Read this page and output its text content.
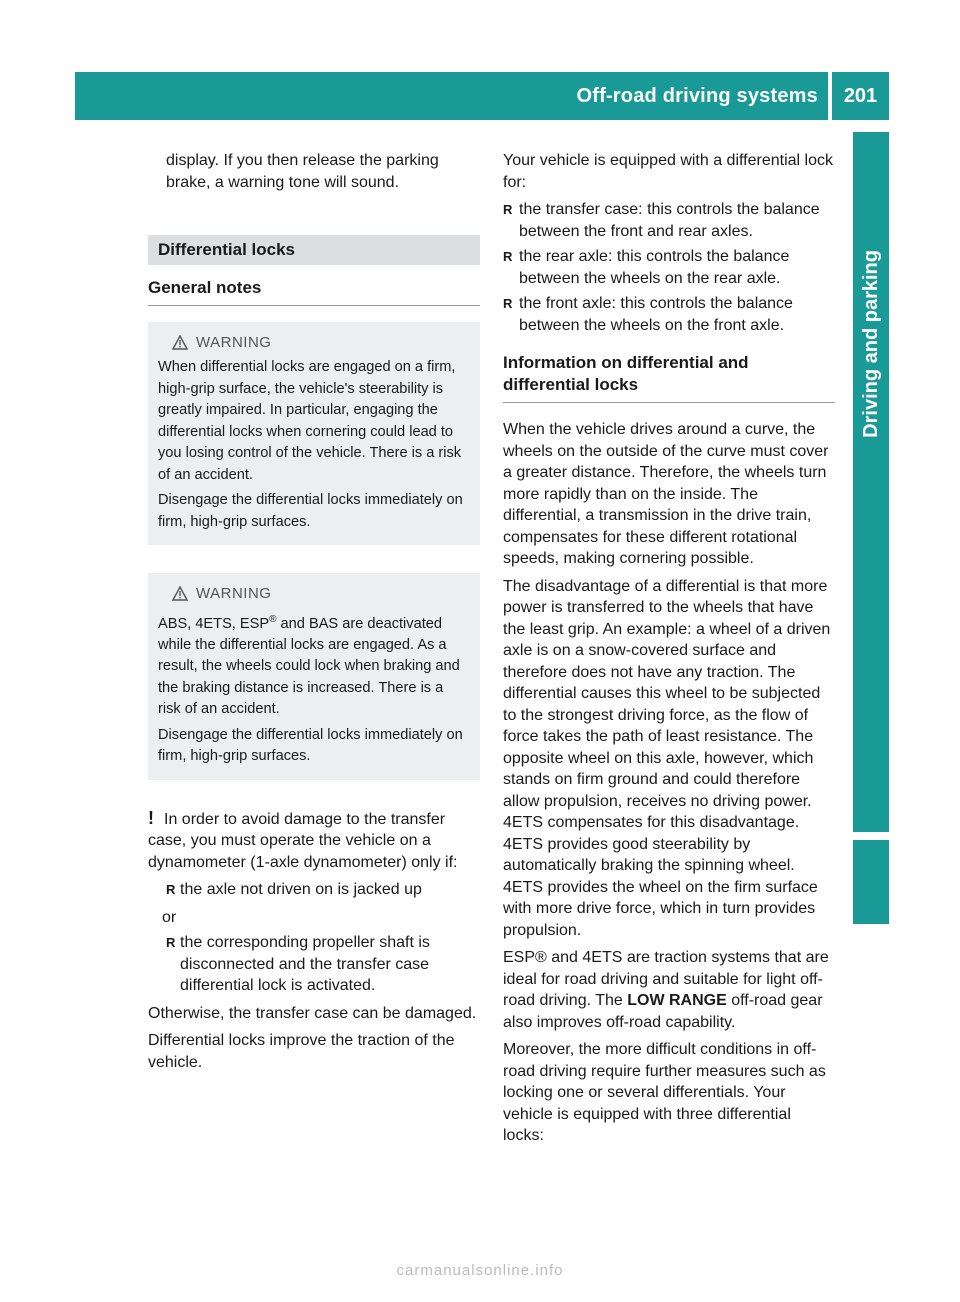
Off-road driving systems	201
Driving and parking

display. If you then release the parking brake, a warning tone will sound.

Differential locks
General notes
WARNING

When differential locks are engaged on a firm, high-grip surface, the vehicle's steerability is greatly impaired. In particular, engaging the differential locks when cornering could lead to you losing control of the vehicle. There is a risk of an accident.

Disengage the differential locks immediately on firm, high-grip surfaces.

WARNING

ABS, 4ETS, ESP® and BAS are deactivated while the differential locks are engaged. As a result, the wheels could lock when braking and the braking distance is increased. There is a risk of an accident.

Disengage the differential locks immediately on firm, high-grip surfaces.

! In order to avoid damage to the transfer case, you must operate the vehicle on a dynamometer (1-axle dynamometer) only if:

R the axle not driven on is jacked up
or
R the corresponding propeller shaft is disconnected and the transfer case differential lock is activated.

Otherwise, the transfer case can be damaged.

Differential locks improve the traction of the vehicle.

Your vehicle is equipped with a differential lock for:

R the transfer case: this controls the balance between the front and rear axles.
R the rear axle: this controls the balance between the wheels on the rear axle.
R the front axle: this controls the balance between the wheels on the front axle.
Information on differential and differential locks

When the vehicle drives around a curve, the wheels on the outside of the curve must cover a greater distance. Therefore, the wheels turn more rapidly than on the inside. The differential, a transmission in the drive train, compensates for these different rotational speeds, making cornering possible.

The disadvantage of a differential is that more power is transferred to the wheels that have the least grip. An example: a wheel of a driven axle is on a snow-covered surface and therefore does not have any traction. The differential causes this wheel to be subjected to the strongest driving force, as the flow of force takes the path of least resistance. The opposite wheel on this axle, however, which stands on firm ground and could therefore allow propulsion, receives no driving power. 4ETS compensates for this disadvantage. 4ETS provides good steerability by automatically braking the spinning wheel. 4ETS provides the wheel on the firm surface with more drive force, which in turn provides propulsion.

ESP® and 4ETS are traction systems that are ideal for road driving and suitable for light off-road driving. The LOW RANGE off-road gear also improves off-road capability.

Moreover, the more difficult conditions in off-road driving require further measures such as locking one or several differentials. Your vehicle is equipped with three differential locks:

carmanualsonline.info
